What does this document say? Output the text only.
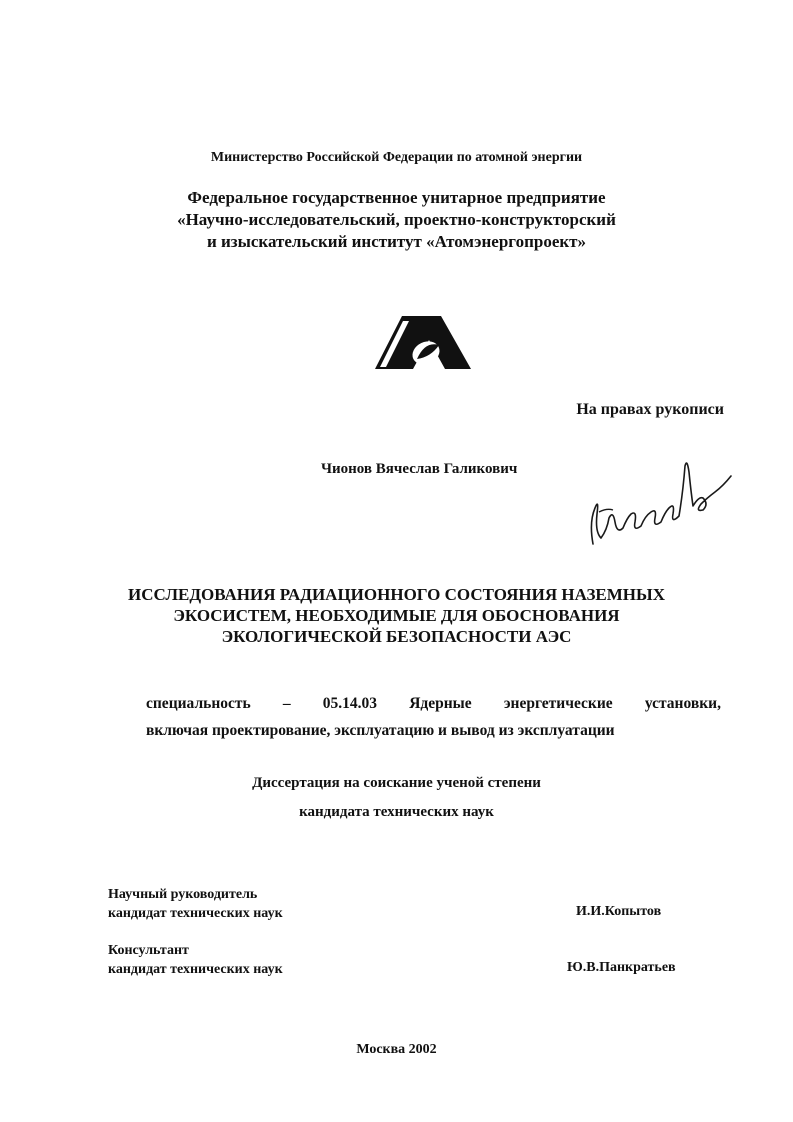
Министерство Российской Федерации по атомной энергии
Федеральное государственное унитарное предприятие
«Научно-исследовательский, проектно-конструкторский
и изыскательский институт «Атомэнергопроект»
На правах рукописи
Чионов Вячеслав Галикович
ИССЛЕДОВАНИЯ РАДИАЦИОННОГО СОСТОЯНИЯ НАЗЕМНЫХ
ЭКОСИСТЕМ, НЕОБХОДИМЫЕ ДЛЯ ОБОСНОВАНИЯ
ЭКОЛОГИЧЕСКОЙ БЕЗОПАСНОСТИ АЭС
специальность – 05.14.03 Ядерные энергетические установки,
включая проектирование, эксплуатацию и вывод из эксплуатации
Диссертация на соискание ученой степени
кандидата технических наук
Научный руководитель
кандидат технических наук	И.И.Копытов
Консультант
кандидат технических наук	Ю.В.Панкратьев
Москва 2002
